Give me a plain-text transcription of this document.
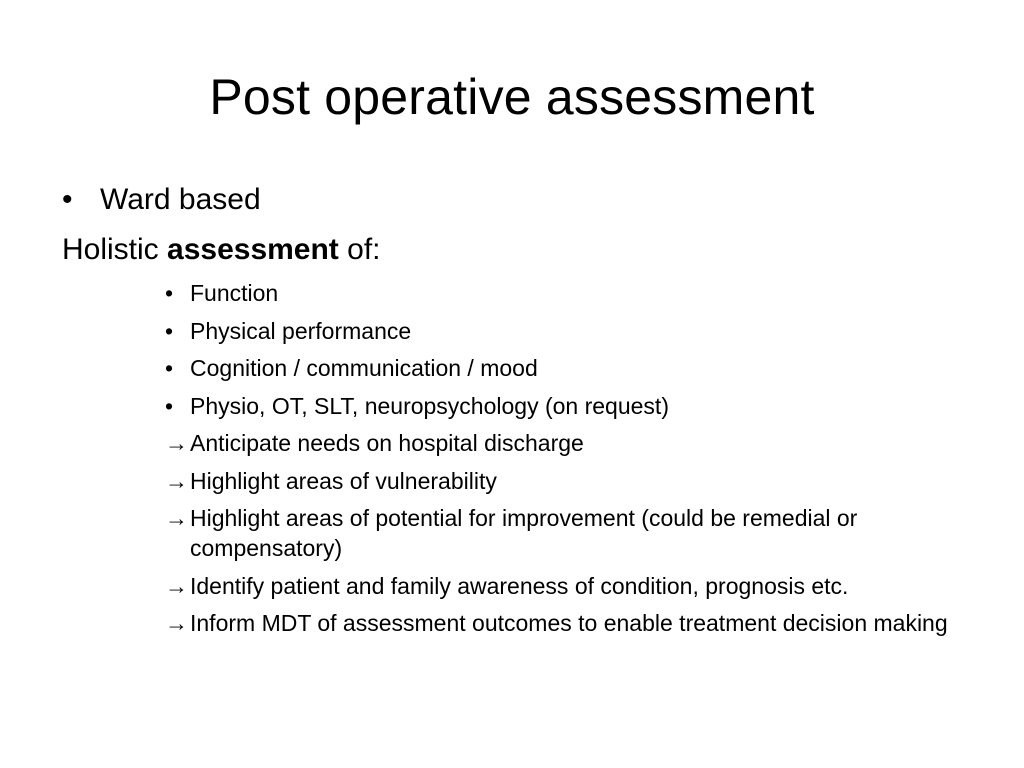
Post operative assessment
• Ward based
Holistic assessment of:
• Function
• Physical performance
• Cognition / communication / mood
• Physio, OT, SLT, neuropsychology (on request)
→ Anticipate needs on hospital discharge
→ Highlight areas of vulnerability
→ Highlight areas of potential for improvement (could be remedial or compensatory)
→ Identify patient and family awareness of condition, prognosis etc.
→ Inform MDT of assessment outcomes to enable treatment decision making
